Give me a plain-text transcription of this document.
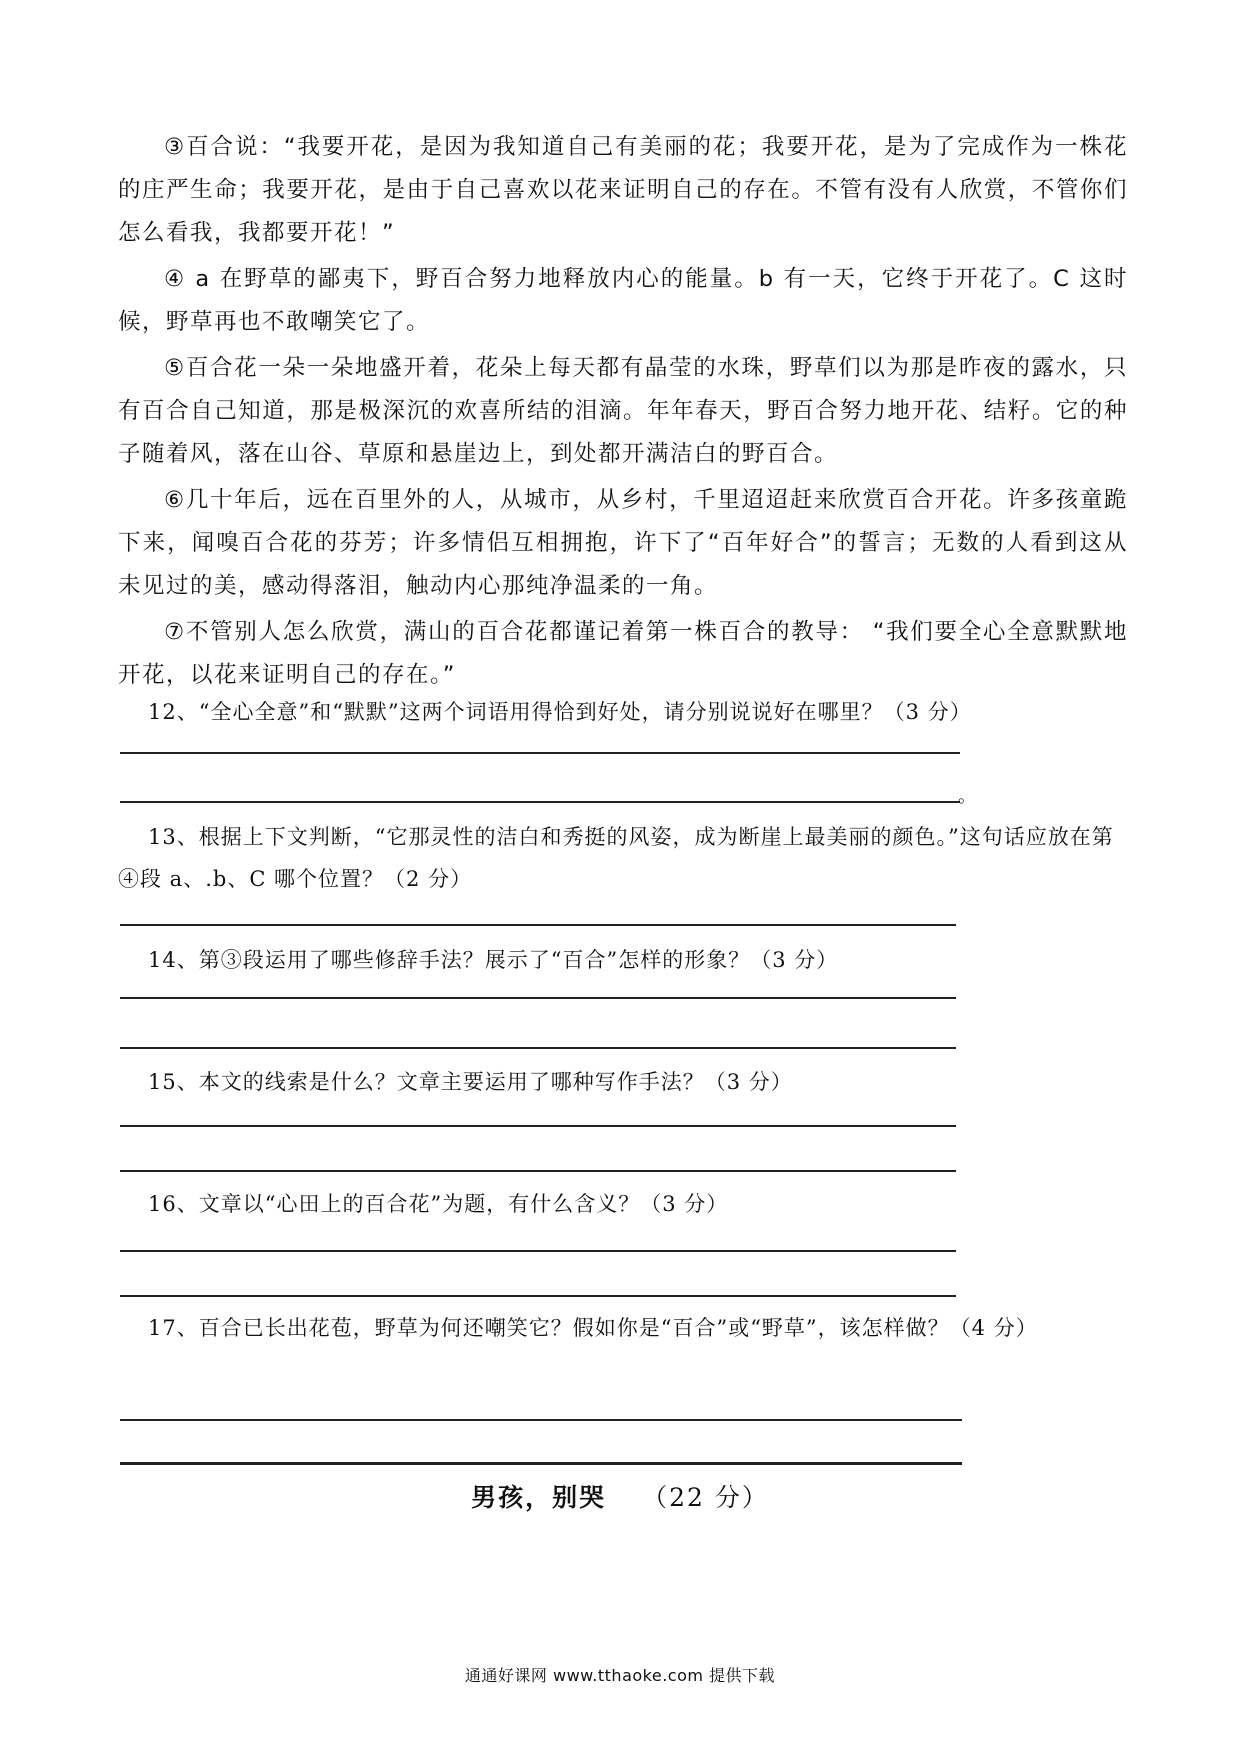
③百合说：“我要开花，是因为我知道自己有美丽的花；我要开花，是为了完成作为一株花的庄严生命；我要开花，是由于自己喜欢以花来证明自己的存在。不管有没有人欣赏，不管你们怎么看我，我都要开花！”

④ a 在野草的鄙夷下，野百合努力地释放内心的能量。b 有一天，它终于开花了。C 这时候，野草再也不敢嘲笑它了。

⑤百合花一朵一朵地盛开着，花朵上每天都有晶莹的水珠，野草们以为那是昨夜的露水，只有百合自己知道，那是极深沉的欢喜所结的泪滴。年年春天，野百合努力地开花、结籽。它的种子随着风，落在山谷、草原和悬崖边上，到处都开满洁白的野百合。

⑥几十年后，远在百里外的人，从城市，从乡村，千里迢迢赶来欣赏百合开花。许多孩童跪下来，闻嗅百合花的芬芳；许多情侣互相拥抱，许下了“百年好合”的誓言；无数的人看到这从未见过的美，感动得落泪，触动内心那纯净温柔的一角。

⑦不管别人怎么欣赏，满山的百合花都谨记着第一株百合的教导： “我们要全心全意默默地开花，以花来证明自己的存在。”

12、“全心全意”和“默默”这两个词语用得恰到好处，请分别说说好在哪里？（3 分）
。
13、根据上下文判断，“它那灵性的洁白和秀挺的风姿，成为断崖上最美丽的颜色。”这句话应放在第④段 a、.b、C 哪个位置？（2 分）
14、第③段运用了哪些修辞手法？展示了“百合”怎样的形象？（3 分）
15、本文的线索是什么？文章主要运用了哪种写作手法？（3 分）
16、文章以“心田上的百合花”为题，有什么含义？（3 分）
17、百合已长出花苞，野草为何还嘲笑它？假如你是“百合”或“野草”，该怎样做？（4 分）
男孩，别哭 （22 分）
通通好课网 www.tthaoke.com 提供下载
